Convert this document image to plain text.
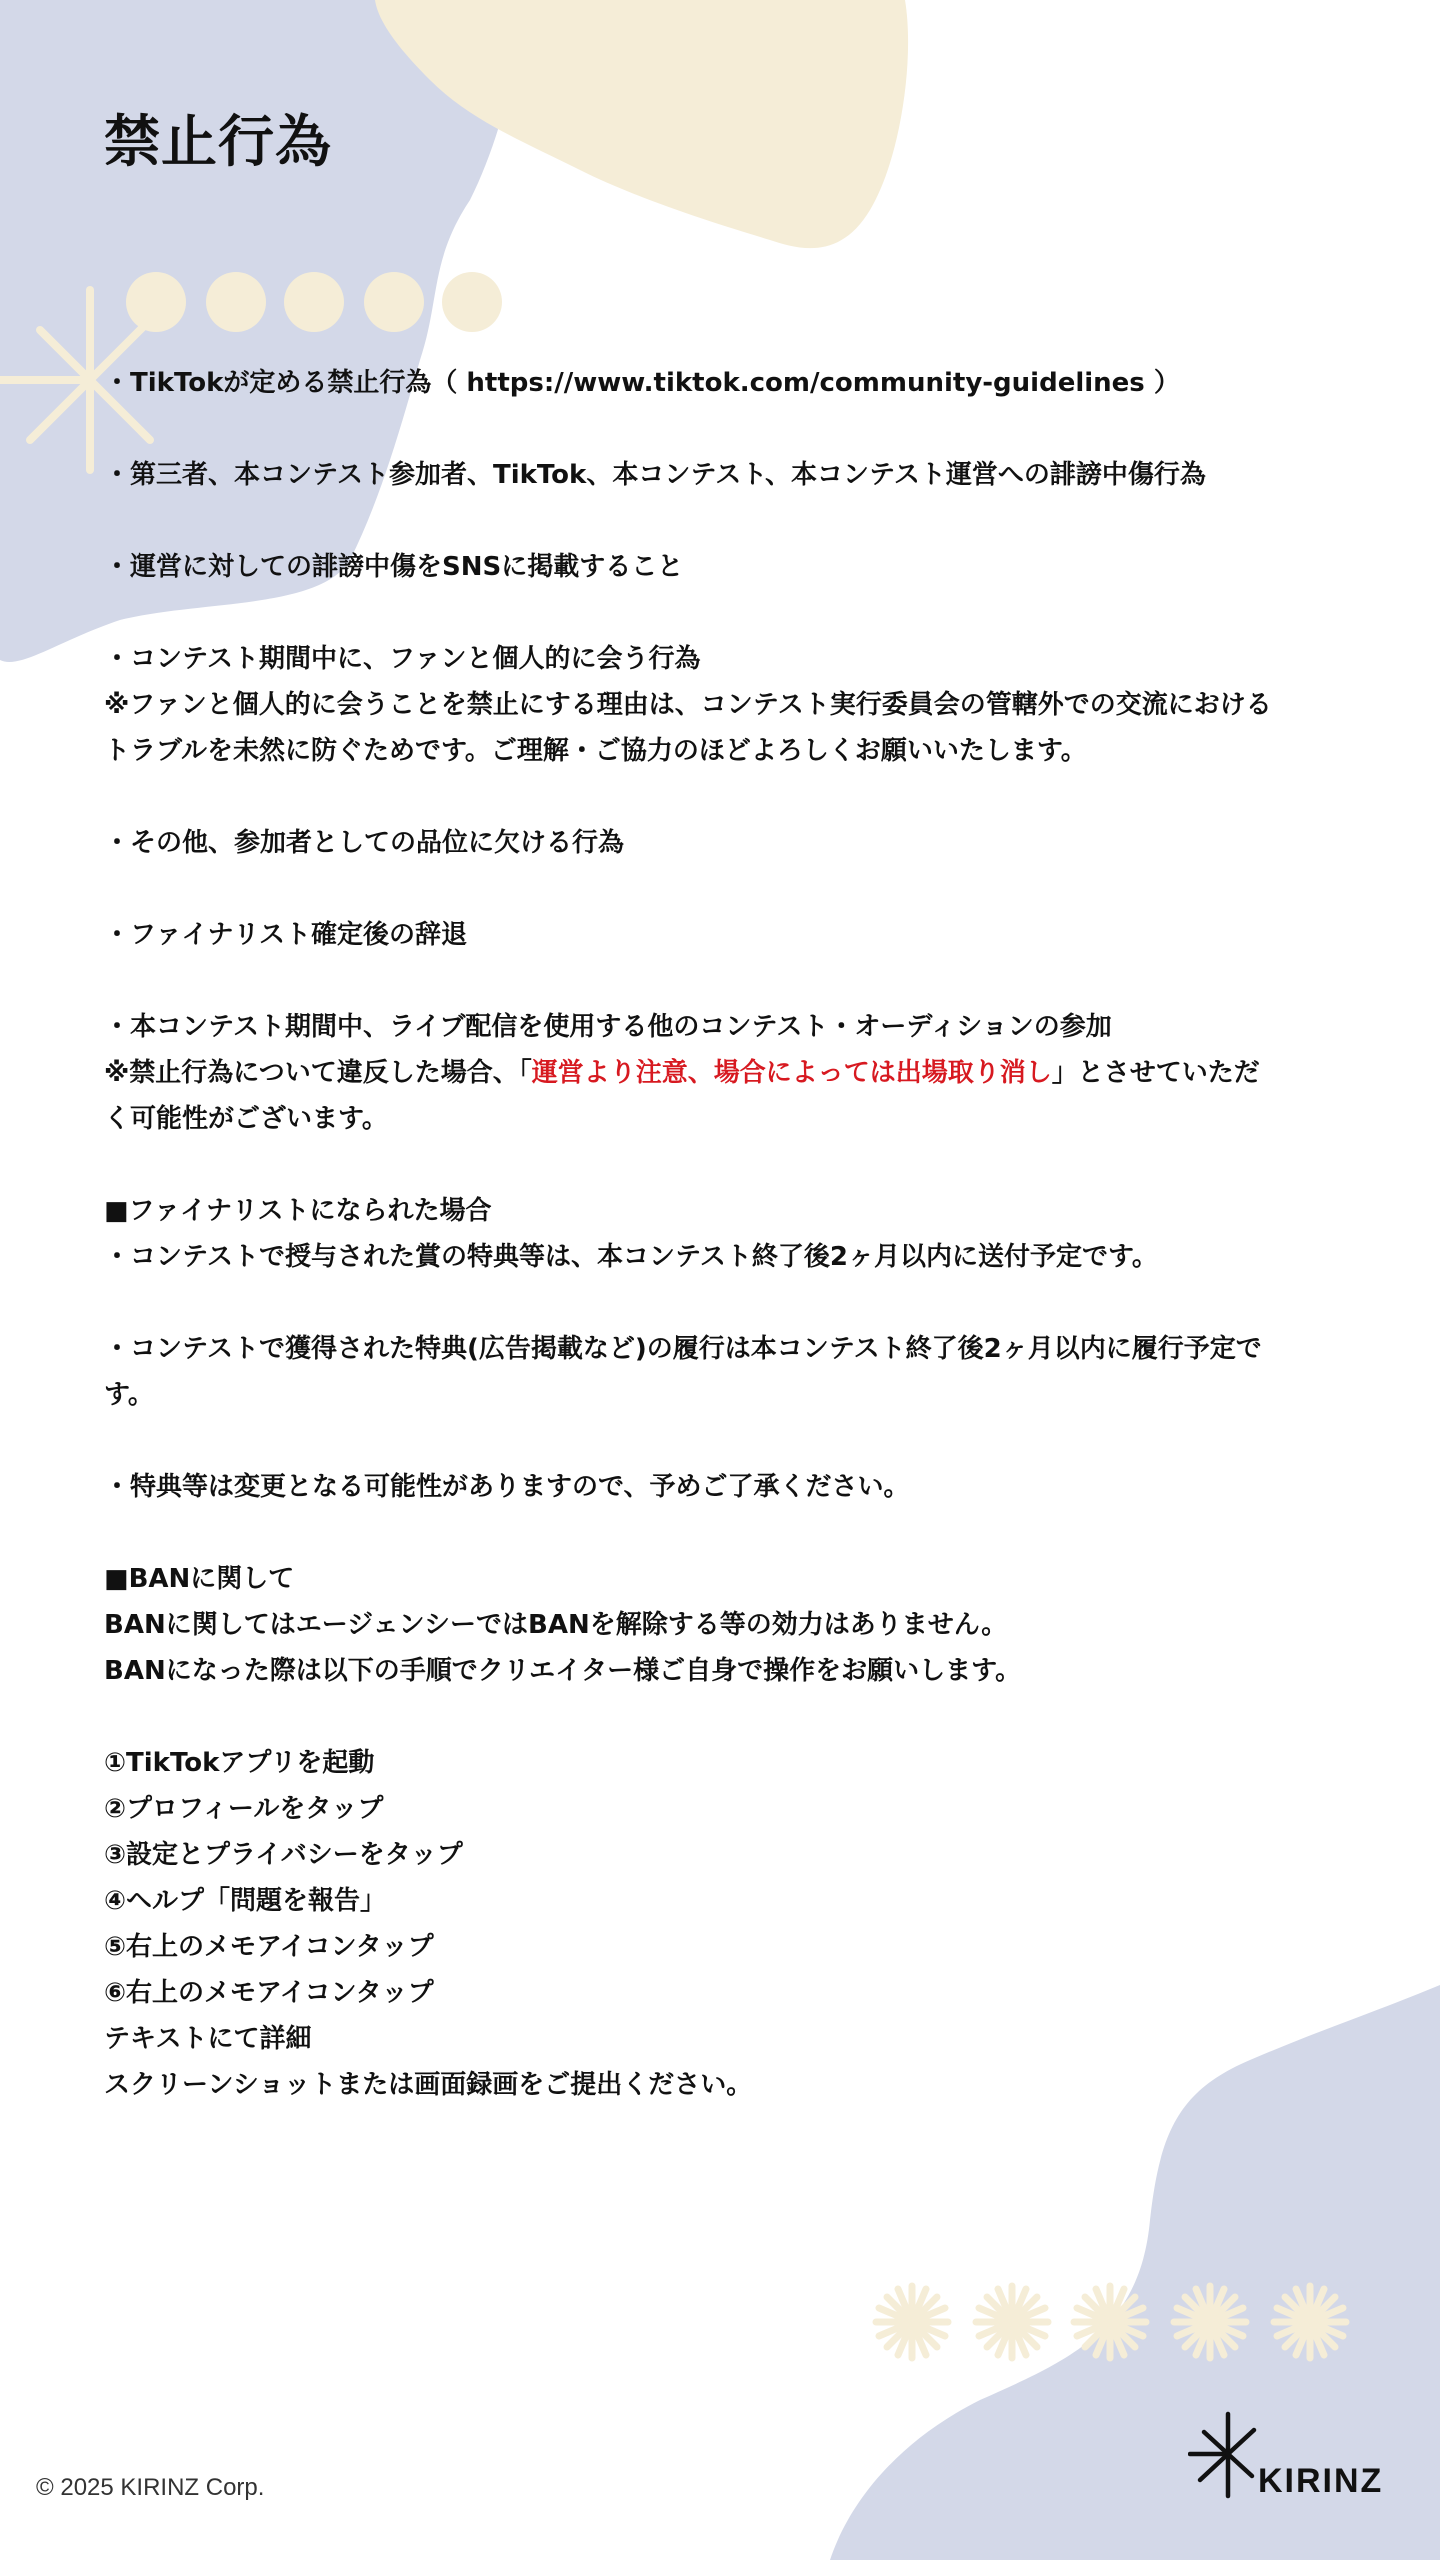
禁止行為
・TikTokが定める禁止行為（ https://www.tiktok.com/community-guidelines ）
・第三者、本コンテスト参加者、TikTok、本コンテスト、本コンテスト運営への誹謗中傷行為
・運営に対しての誹謗中傷をSNSに掲載すること
・コンテスト期間中に、ファンと個人的に会う行為
※ファンと個人的に会うことを禁止にする理由は、コンテスト実行委員会の管轄外での交流における
トラブルを未然に防ぐためです。ご理解・ご協力のほどよろしくお願いいたします。
・その他、参加者としての品位に欠ける行為
・ファイナリスト確定後の辞退
・本コンテスト期間中、ライブ配信を使用する他のコンテスト・オーディションの参加
※禁止行為について違反した場合、「運営より注意、場合によっては出場取り消し」とさせていただ
く可能性がございます。
■ファイナリストになられた場合
・コンテストで授与された賞の特典等は、本コンテスト終了後2ヶ月以内に送付予定です。
・コンテストで獲得された特典(広告掲載など)の履行は本コンテスト終了後2ヶ月以内に履行予定で
す。
・特典等は変更となる可能性がありますので、予めご了承ください。
■BANに関して
BANに関してはエージェンシーではBANを解除する等の効力はありません。
BANになった際は以下の手順でクリエイター様ご自身で操作をお願いします。
①TikTokアプリを起動
②プロフィールをタップ
③設定とプライバシーをタップ
④ヘルプ「問題を報告」
⑤右上のメモアイコンタップ
⑥右上のメモアイコンタップ
テキストにて詳細
スクリーンショットまたは画面録画をご提出ください。
© 2025 KIRINZ Corp.	KIRINZ
